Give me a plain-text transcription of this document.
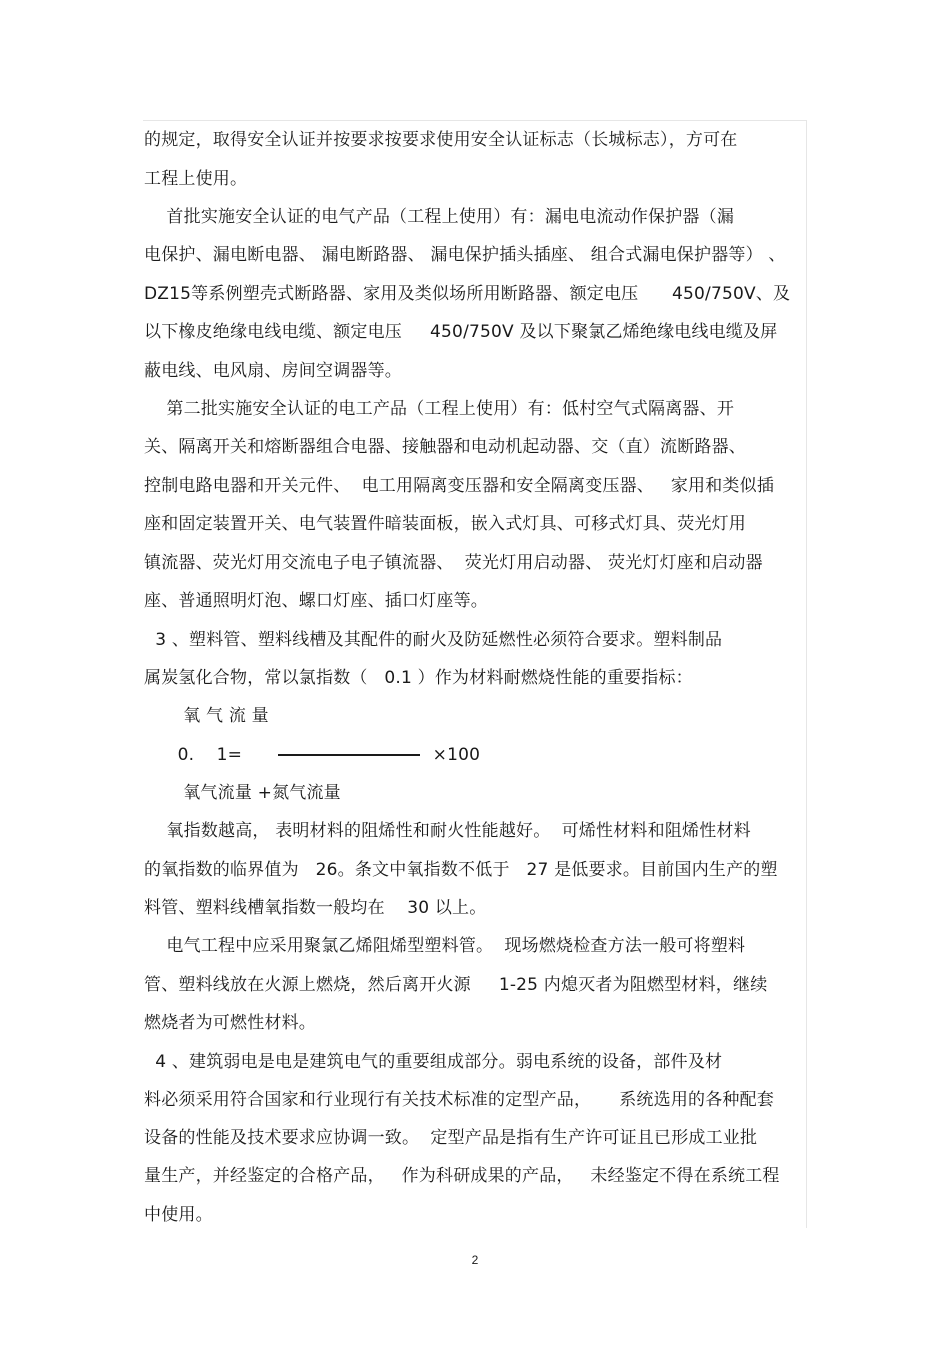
的规定，取得安全认证并按要求按要求使用安全认证标志（长城标志），方可在
工程上使用。
首批实施安全认证的电气产品（工程上使用）有：漏电电流动作保护器（漏
电保护、漏电断电器、 漏电断路器、 漏电保护插头插座、 组合式漏电保护器等） 、
DZ15等系例塑壳式断路器、家用及类似场所用断路器、额定电压      450/750V、及
以下橡皮绝缘电线电缆、额定电压     450/750V 及以下聚氯乙烯绝缘电线电缆及屏
蔽电线、电风扇、房间空调器等。
第二批实施安全认证的电工产品（工程上使用）有：低村空气式隔离器、开
关、隔离开关和熔断器组合电器、接触器和电动机起动器、交（直）流断路器、
控制电路电器和开关元件、  电工用隔离变压器和安全隔离变压器、   家用和类似插
座和固定装置开关、电气装置件暗装面板，嵌入式灯具、可移式灯具、荧光灯用
镇流器、荧光灯用交流电子电子镇流器、  荧光灯用启动器、 荧光灯灯座和启动器
座、普通照明灯泡、螺口灯座、插口灯座等。
3 、塑料管、塑料线槽及其配件的耐火及防延燃性必须符合要求。塑料制品
属炭氢化合物，常以氯指数（   0.1 ）作为材料耐燃烧性能的重要指标：
氧 气 流 量
0.    1=                                  ×100
氧气流量 +氮气流量
氧指数越高， 表明材料的阻烯性和耐火性能越好。  可烯性材料和阻烯性材料
的氧指数的临界值为   26。条文中氧指数不低于   27 是低要求。目前国内生产的塑
料管、塑料线槽氧指数一般均在    30 以上。
电气工程中应采用聚氯乙烯阻烯型塑料管。  现场燃烧检查方法一般可将塑料
管、塑料线放在火源上燃烧，然后离开火源     1-25 内熄灭者为阻燃型材料，继续
燃烧者为可燃性材料。
4 、建筑弱电是电是建筑电气的重要组成部分。弱电系统的设备，部件及材
料必须采用符合国家和行业现行有关技术标准的定型产品，     系统选用的各种配套
设备的性能及技术要求应协调一致。  定型产品是指有生产许可证且已形成工业批
量生产，并经鉴定的合格产品，   作为科研成果的产品，   未经鉴定不得在系统工程
中使用。
2
